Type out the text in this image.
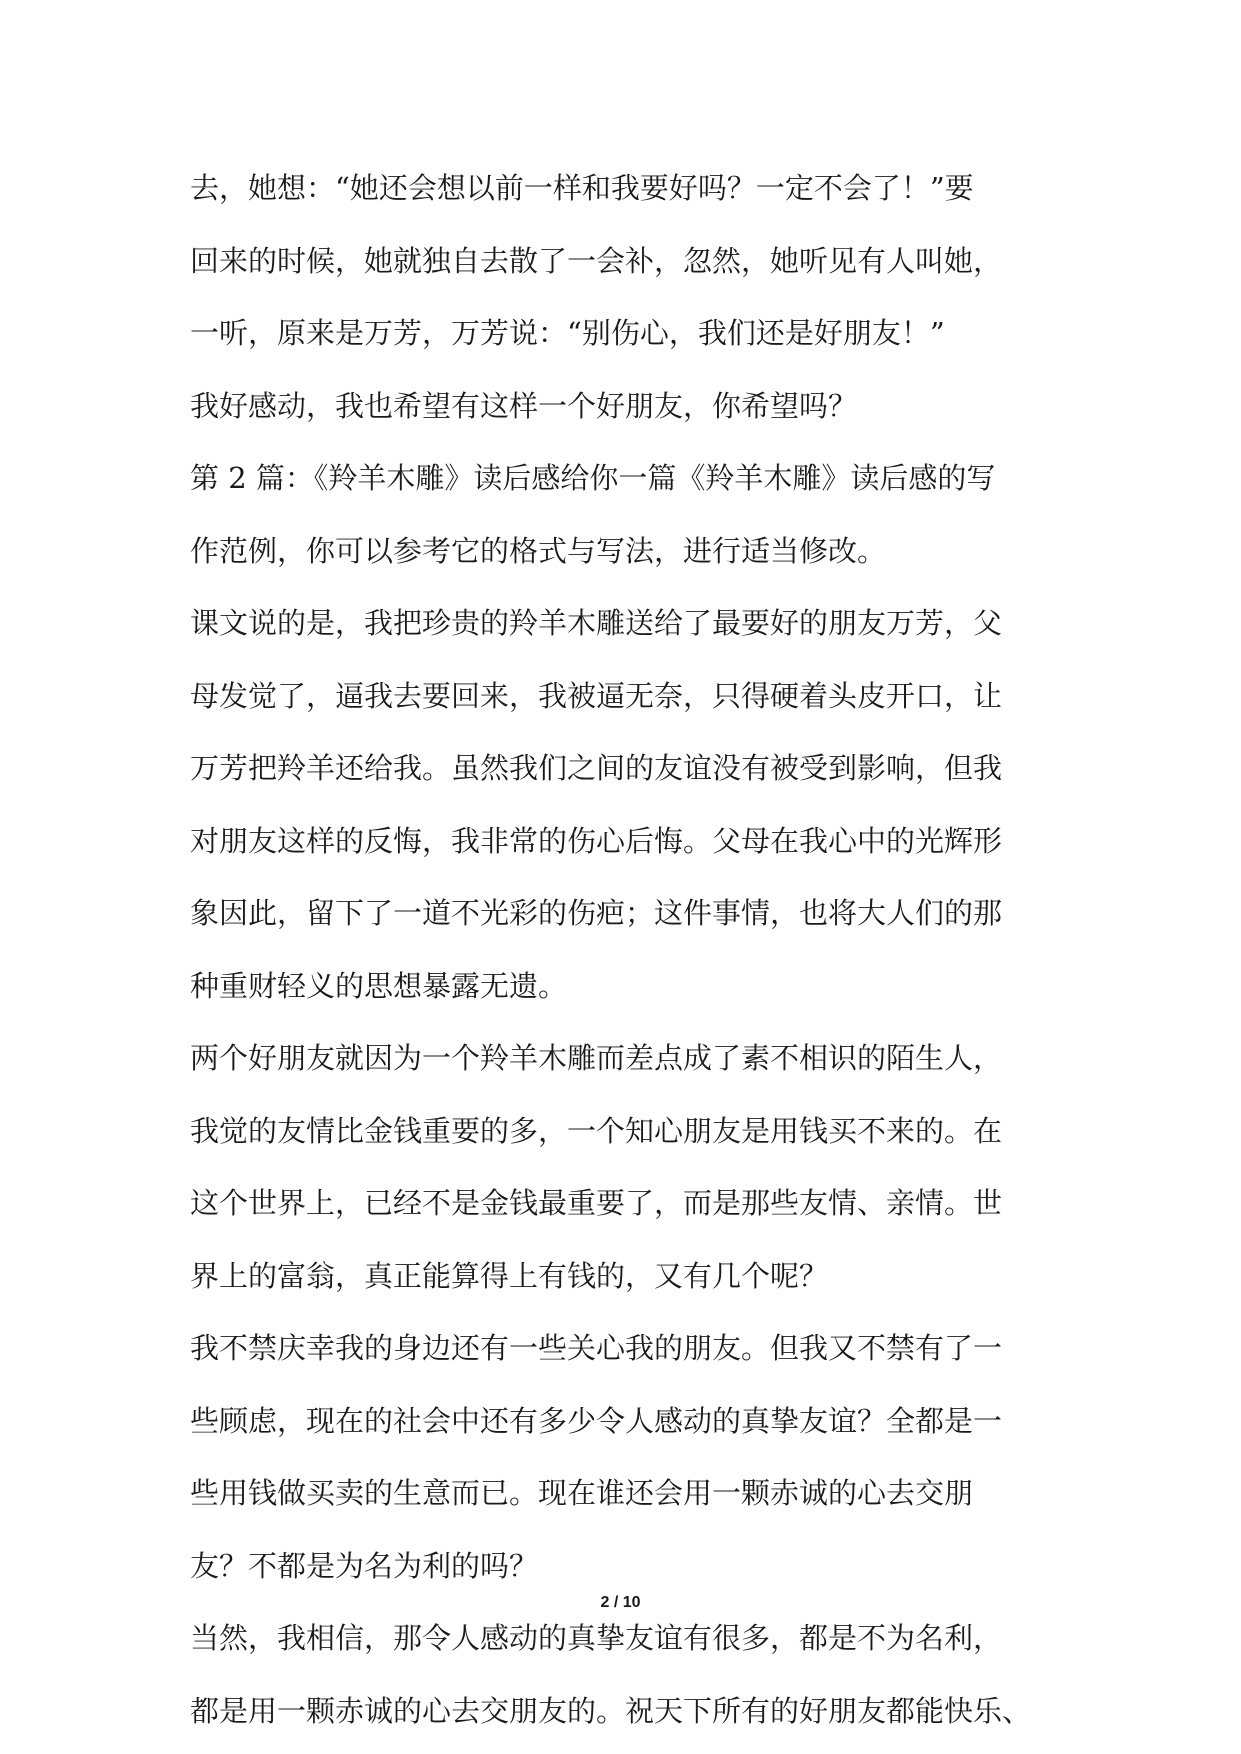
去，她想：“她还会想以前一样和我要好吗？一定不会了！”要
回来的时候，她就独自去散了一会补，忽然，她听见有人叫她，
一听，原来是万芳，万芳说：“别伤心，我们还是好朋友！”
我好感动，我也希望有这样一个好朋友，你希望吗？
第 2 篇：《羚羊木雕》读后感给你一篇《羚羊木雕》读后感的写
作范例，你可以参考它的格式与写法，进行适当修改。
课文说的是，我把珍贵的羚羊木雕送给了最要好的朋友万芳，父
母发觉了，逼我去要回来，我被逼无奈，只得硬着头皮开口，让
万芳把羚羊还给我。虽然我们之间的友谊没有被受到影响，但我
对朋友这样的反悔，我非常的伤心后悔。父母在我心中的光辉形
象因此，留下了一道不光彩的伤疤；这件事情，也将大人们的那
种重财轻义的思想暴露无遗。
两个好朋友就因为一个羚羊木雕而差点成了素不相识的陌生人，
我觉的友情比金钱重要的多，一个知心朋友是用钱买不来的。在
这个世界上，已经不是金钱最重要了，而是那些友情、亲情。世
界上的富翁，真正能算得上有钱的，又有几个呢？
我不禁庆幸我的身边还有一些关心我的朋友。但我又不禁有了一
些顾虑，现在的社会中还有多少令人感动的真挚友谊？全都是一
些用钱做买卖的生意而已。现在谁还会用一颗赤诚的心去交朋
友？不都是为名为利的吗？
当然，我相信，那令人感动的真挚友谊有很多，都是不为名利，
都是用一颗赤诚的心去交朋友的。祝天下所有的好朋友都能快乐、
2 / 10
